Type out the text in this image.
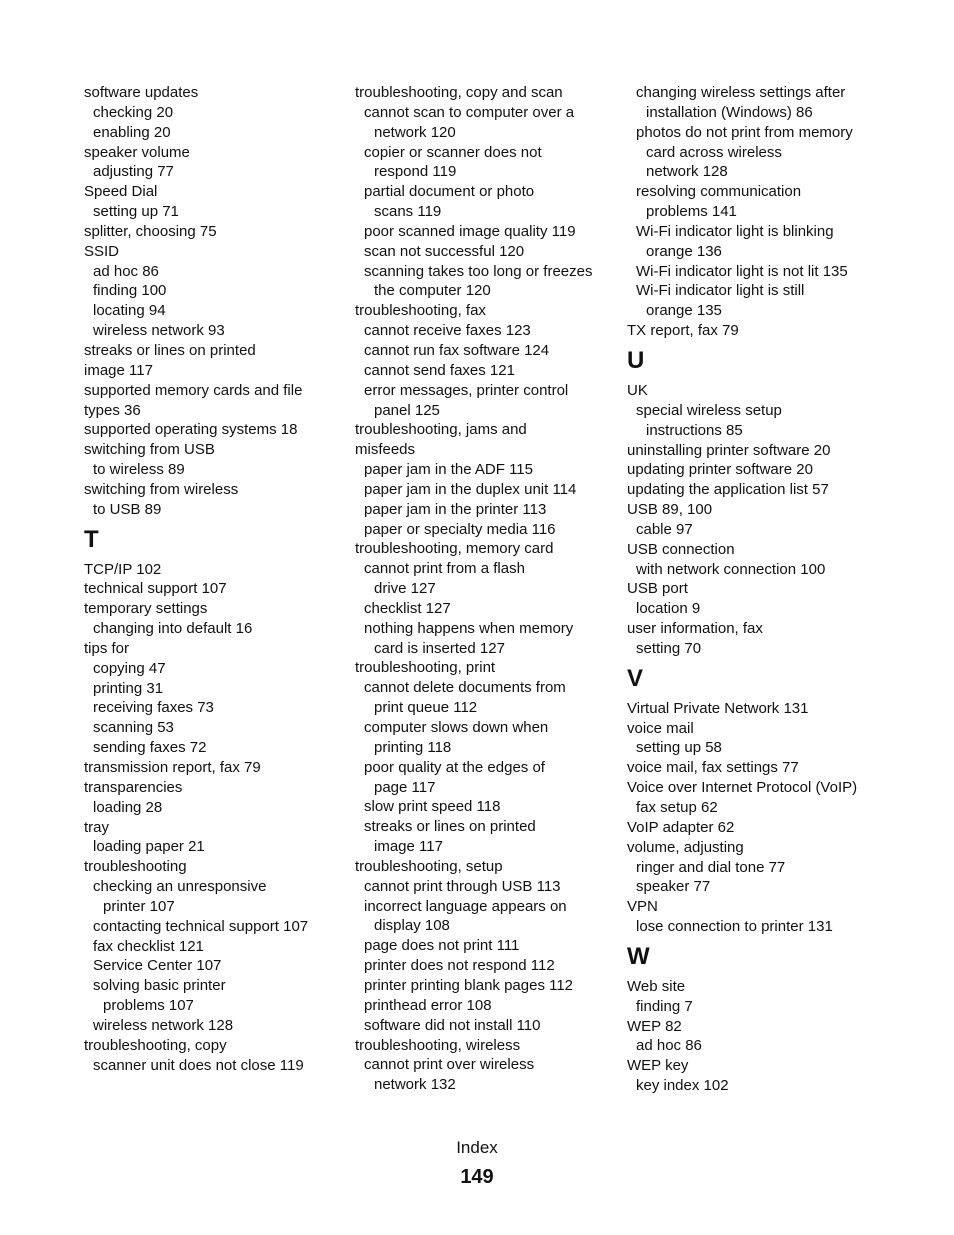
software updates
checking 20
enabling 20
speaker volume
adjusting 77
Speed Dial
setting up 71
splitter, choosing 75
SSID
ad hoc 86
finding 100
locating 94
wireless network 93
streaks or lines on printed
image 117
supported memory cards and file
types 36
supported operating systems 18
switching from USB
to wireless 89
switching from wireless
to USB 89
T
TCP/IP 102
technical support 107
temporary settings
changing into default 16
tips for
copying 47
printing 31
receiving faxes 73
scanning 53
sending faxes 72
transmission report, fax 79
transparencies
loading 28
tray
loading paper 21
troubleshooting
checking an unresponsive
printer 107
contacting technical support 107
fax checklist 121
Service Center 107
solving basic printer
problems 107
wireless network 128
troubleshooting, copy
scanner unit does not close 119
troubleshooting, copy and scan
cannot scan to computer over a
network 120
copier or scanner does not
respond 119
partial document or photo
scans 119
poor scanned image quality 119
scan not successful 120
scanning takes too long or freezes
the computer 120
troubleshooting, fax
cannot receive faxes 123
cannot run fax software 124
cannot send faxes 121
error messages, printer control
panel 125
troubleshooting, jams and
misfeeds
paper jam in the ADF 115
paper jam in the duplex unit 114
paper jam in the printer 113
paper or specialty media 116
troubleshooting, memory card
cannot print from a flash
drive 127
checklist 127
nothing happens when memory
card is inserted 127
troubleshooting, print
cannot delete documents from
print queue 112
computer slows down when
printing 118
poor quality at the edges of
page 117
slow print speed 118
streaks or lines on printed
image 117
troubleshooting, setup
cannot print through USB 113
incorrect language appears on
display 108
page does not print 111
printer does not respond 112
printer printing blank pages 112
printhead error 108
software did not install 110
troubleshooting, wireless
cannot print over wireless
network 132
changing wireless settings after
installation (Windows) 86
photos do not print from memory
card across wireless
network 128
resolving communication
problems 141
Wi-Fi indicator light is blinking
orange 136
Wi-Fi indicator light is not lit 135
Wi-Fi indicator light is still
orange 135
TX report, fax 79
U
UK
special wireless setup
instructions 85
uninstalling printer software 20
updating printer software 20
updating the application list 57
USB 89, 100
cable 97
USB connection
with network connection 100
USB port
location 9
user information, fax
setting 70
V
Virtual Private Network 131
voice mail
setting up 58
voice mail, fax settings 77
Voice over Internet Protocol (VoIP)
fax setup 62
VoIP adapter 62
volume, adjusting
ringer and dial tone 77
speaker 77
VPN
lose connection to printer 131
W
Web site
finding 7
WEP 82
ad hoc 86
WEP key
key index 102
Index
149
